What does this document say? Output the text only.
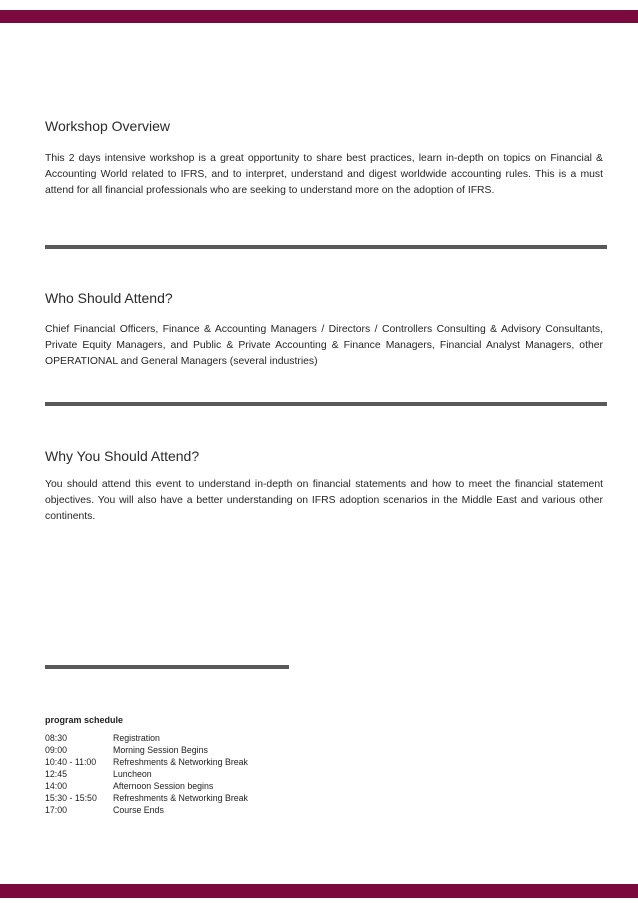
Workshop Overview

This 2 days intensive workshop is a great opportunity to share best practices, learn in-depth on topics on Financial & Accounting World related to IFRS, and to interpret, understand and digest worldwide accounting rules. This is a must attend for all financial professionals who are seeking to understand more on the adoption of IFRS.

Who Should Attend?

Chief Financial Officers, Finance & Accounting Managers / Directors / Controllers Consulting & Advisory Consultants, Private Equity Managers, and Public & Private Accounting & Finance Managers, Financial Analyst Managers, other OPERATIONAL and General Managers (several industries)

Why You Should Attend?

You should attend this event to understand in-depth on financial statements and how to meet the financial statement objectives. You will also have a better understanding on IFRS adoption scenarios in the Middle East and various other continents.

program schedule

08:30	Registration
09:00	Morning Session Begins
10:40 - 11:00	Refreshments & Networking Break
12:45	Luncheon
14:00	Afternoon Session begins
15:30 - 15:50	Refreshments & Networking Break
17:00	Course Ends
